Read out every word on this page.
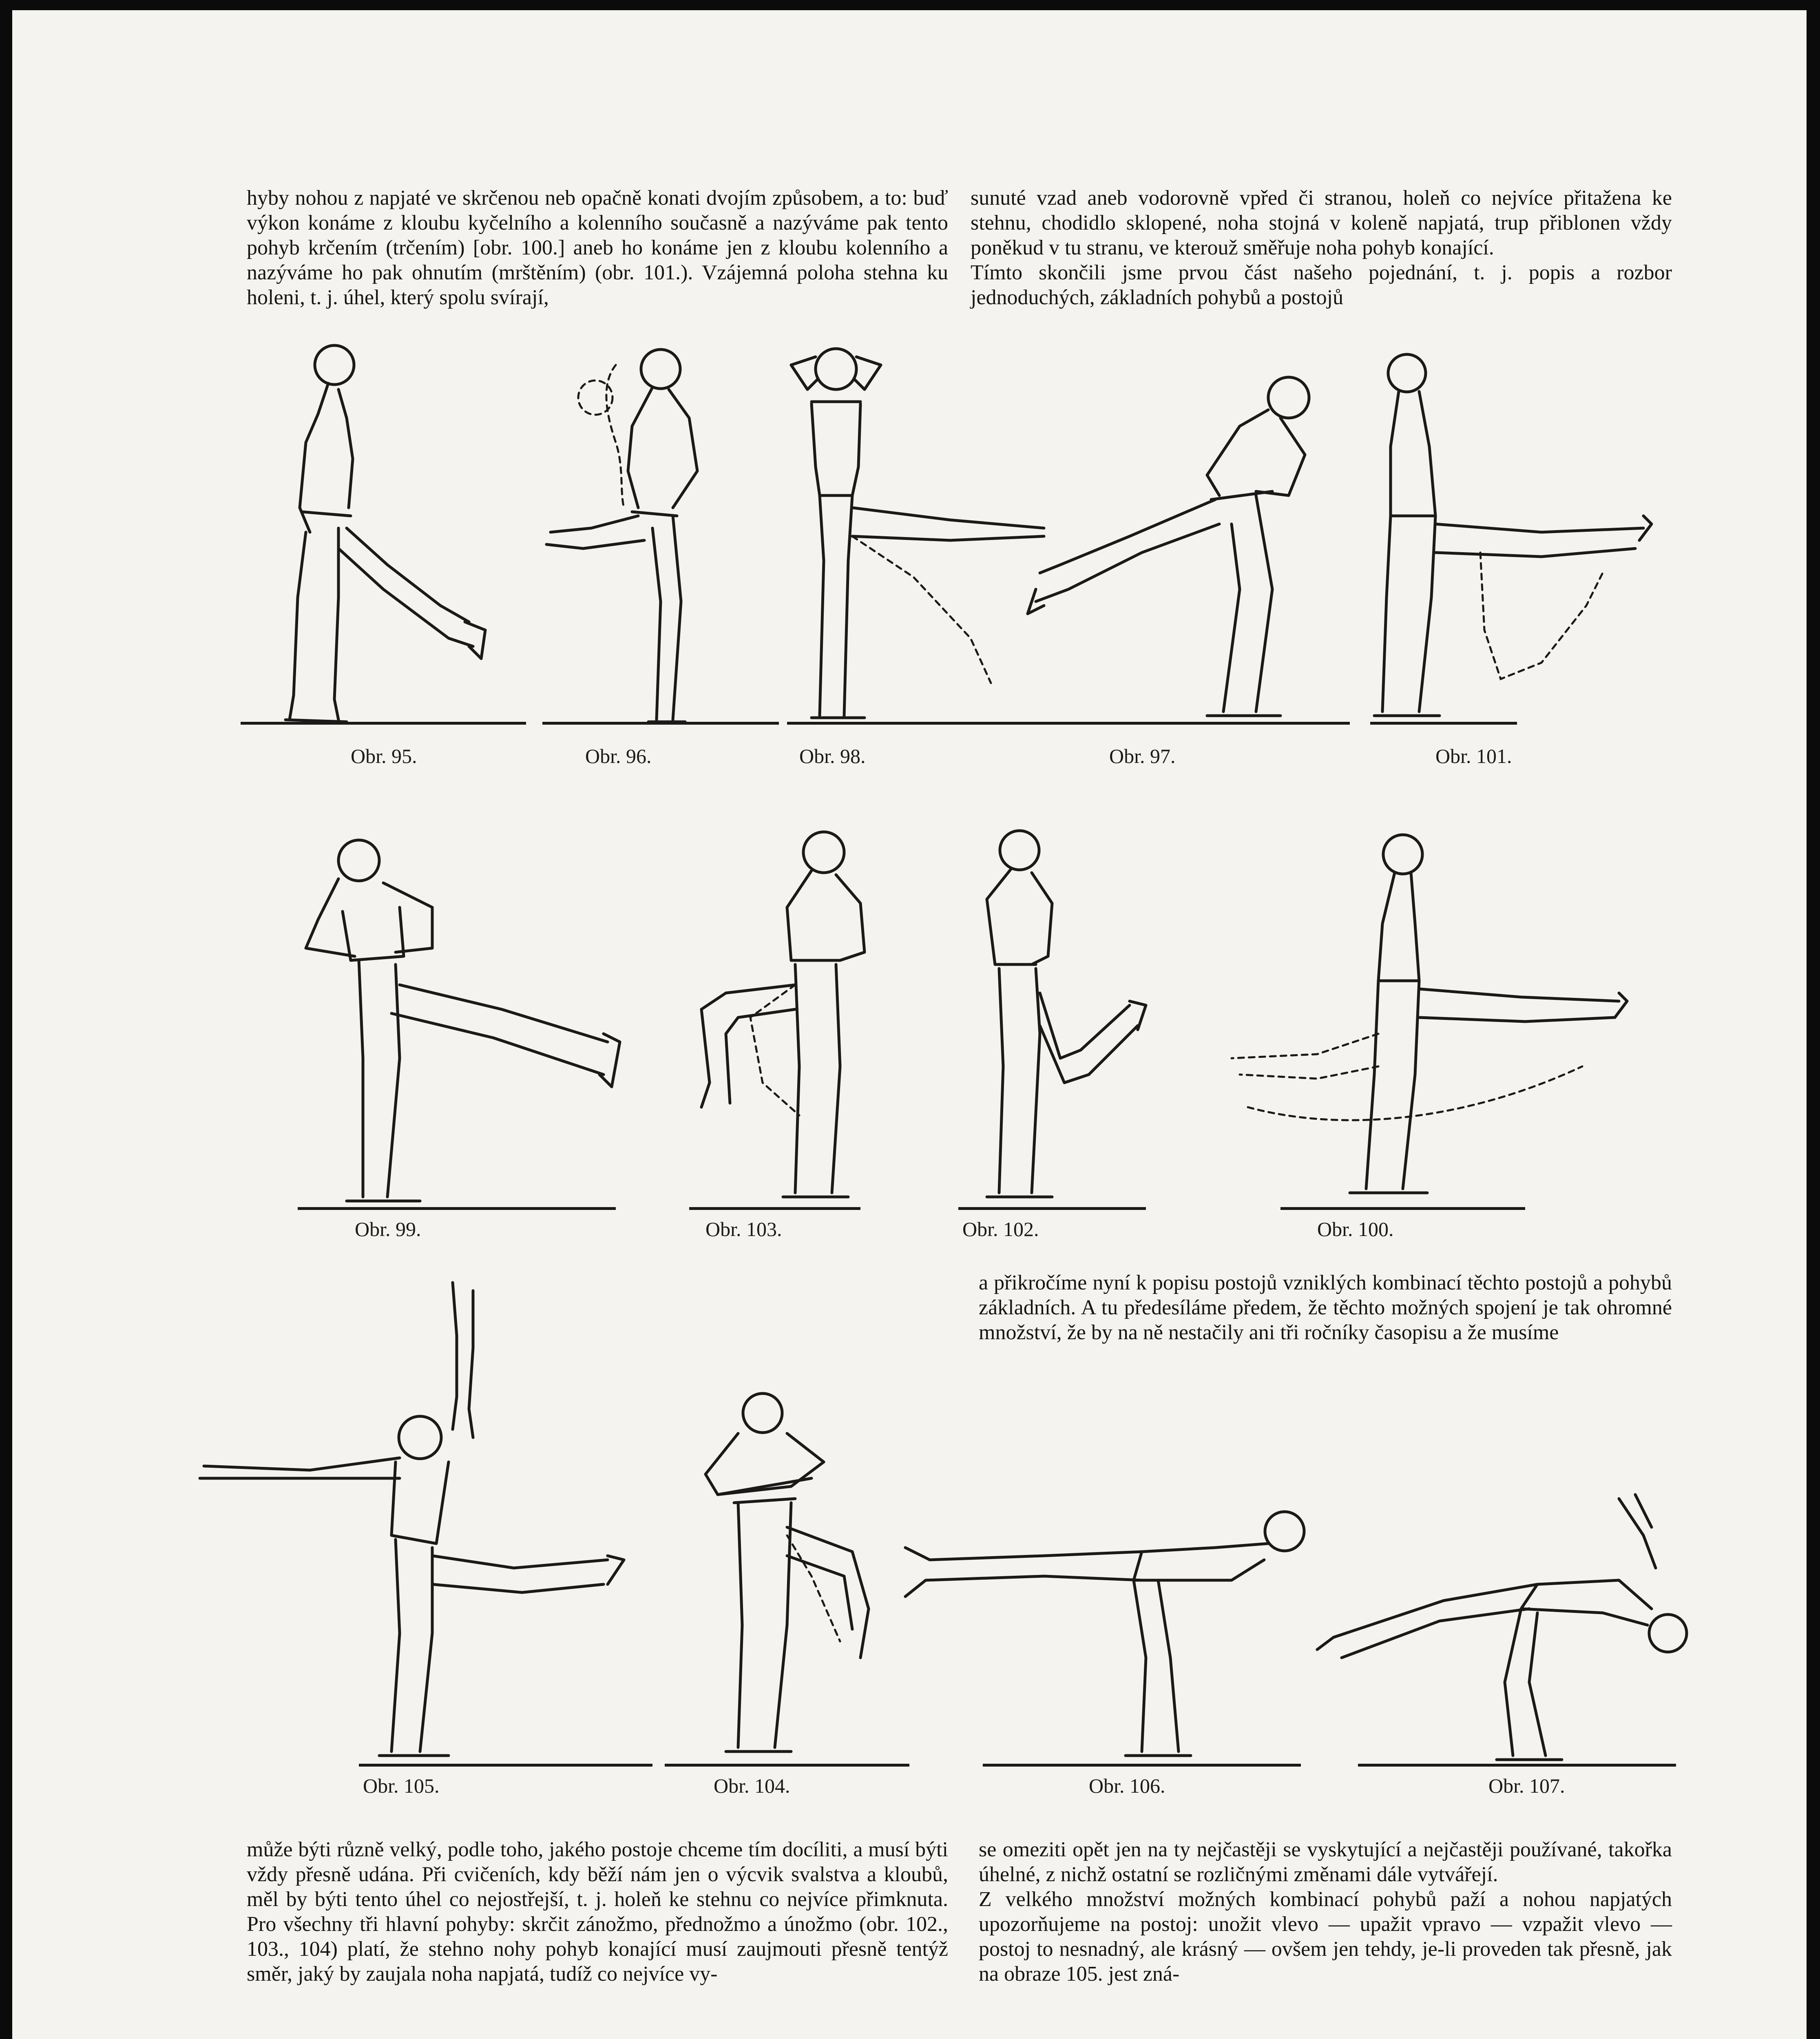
hyby nohou z napjaté ve skrčenou neb opačně konati dvojím způsobem, a to: buď výkon konáme z kloubu kyčelního a kolenního současně a nazýváme pak tento pohyb krčením (trčením) [obr. 100.] aneb ho konáme jen z kloubu kolenního a nazýváme ho pak ohnutím (mrštěním) (obr. 101.). Vzájemná poloha stehna ku holeni, t. j. úhel, který spolu svírají,
sunuté vzad aneb vodorovně vpřed či stranou, holeň co nejvíce přitažena ke stehnu, chodidlo sklopené, noha stojná v koleně napjatá, trup přiblonen vždy poněkud v tu stranu, ve kterouž směřuje noha pohyb konající.
Tímto skončili jsme prvou část našeho pojednání, t. j. popis a rozbor jednoduchých, základních pohybů a postojů
Obr. 95.	Obr. 96.	Obr. 98.	Obr. 97.	Obr. 101.
Obr. 99.	Obr. 103.	Obr. 102.	Obr. 100.
a přikročíme nyní k popisu postojů vzniklých kombinací těchto postojů a pohybů základních. A tu předesíláme předem, že těchto možných spojení je tak ohromné množství, že by na ně nestačily ani tři ročníky časopisu a že musíme
Obr. 105.	Obr. 104.	Obr. 106.	Obr. 107.
může býti různě velký, podle toho, jakého postoje chceme tím docíliti, a musí býti vždy přesně udána. Při cvičeních, kdy běží nám jen o výcvik svalstva a kloubů, měl by býti tento úhel co nejostřejší, t. j. holeň ke stehnu co nejvíce přimknuta. Pro všechny tři hlavní pohyby: skrčit zánožmo, přednožmo a únožmo (obr. 102., 103., 104) platí, že stehno nohy pohyb konající musí zaujmouti přesně tentýž směr, jaký by zaujala noha napjatá, tudíž co nejvíce vy-
se omeziti opět jen na ty nejčastěji se vyskytující a nejčastěji používané, takořka úhelné, z nichž ostatní se rozličnými změnami dále vytvářejí.
Z velkého množství možných kombinací pohybů paží a nohou napjatých upozorňujeme na postoj: unožit vlevo — upažit vpravo — vzpažit vlevo — postoj to nesnadný, ale krásný — ovšem jen tehdy, je-li proveden tak přesně, jak na obraze 105. jest zná-
